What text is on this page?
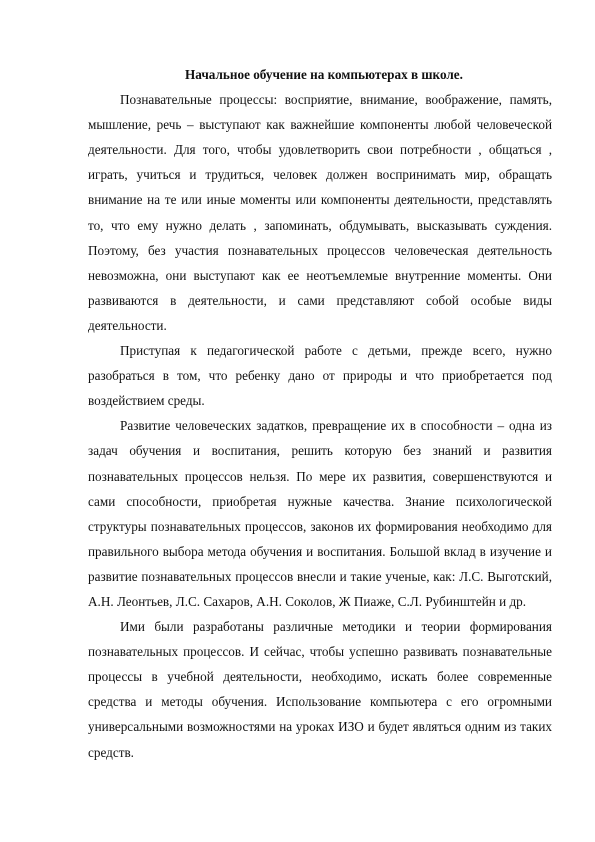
Начальное обучение на компьютерах в школе.

Познавательные процессы: восприятие, внимание, воображение, память, мышление, речь – выступают как важнейшие компоненты любой человеческой деятельности. Для того, чтобы удовлетворить свои потребности , общаться , играть, учиться и трудиться, человек должен воспринимать мир, обращать внимание на те или иные моменты или компоненты деятельности, представлять то, что ему нужно делать , запоминать, обдумывать, высказывать суждения. Поэтому, без участия познавательных процессов человеческая деятельность невозможна, они выступают как ее неотъемлемые внутренние моменты. Они развиваются в деятельности, и сами представляют собой особые виды деятельности.

Приступая к педагогической работе с детьми, прежде всего, нужно разобраться в том, что ребенку дано от природы и что приобретается под воздействием среды.

Развитие человеческих задатков, превращение их в способности – одна из задач обучения и воспитания, решить которую без знаний и развития познавательных процессов нельзя. По мере их развития, совершенствуются и сами способности, приобретая нужные качества. Знание психологической структуры познавательных процессов, законов их формирования необходимо для правильного выбора метода обучения и воспитания. Большой вклад в изучение и развитие познавательных процессов внесли и такие ученые, как: Л.С. Выготский, А.Н. Леонтьев, Л.С. Сахаров, А.Н. Соколов, Ж Пиаже, С.Л. Рубинштейн и др.

Ими были разработаны различные методики и теории формирования познавательных процессов. И сейчас, чтобы успешно развивать познавательные процессы в учебной деятельности, необходимо, искать более современные средства и методы обучения. Использование компьютера с его огромными универсальными возможностями на уроках ИЗО и будет являться одним из таких средств.
